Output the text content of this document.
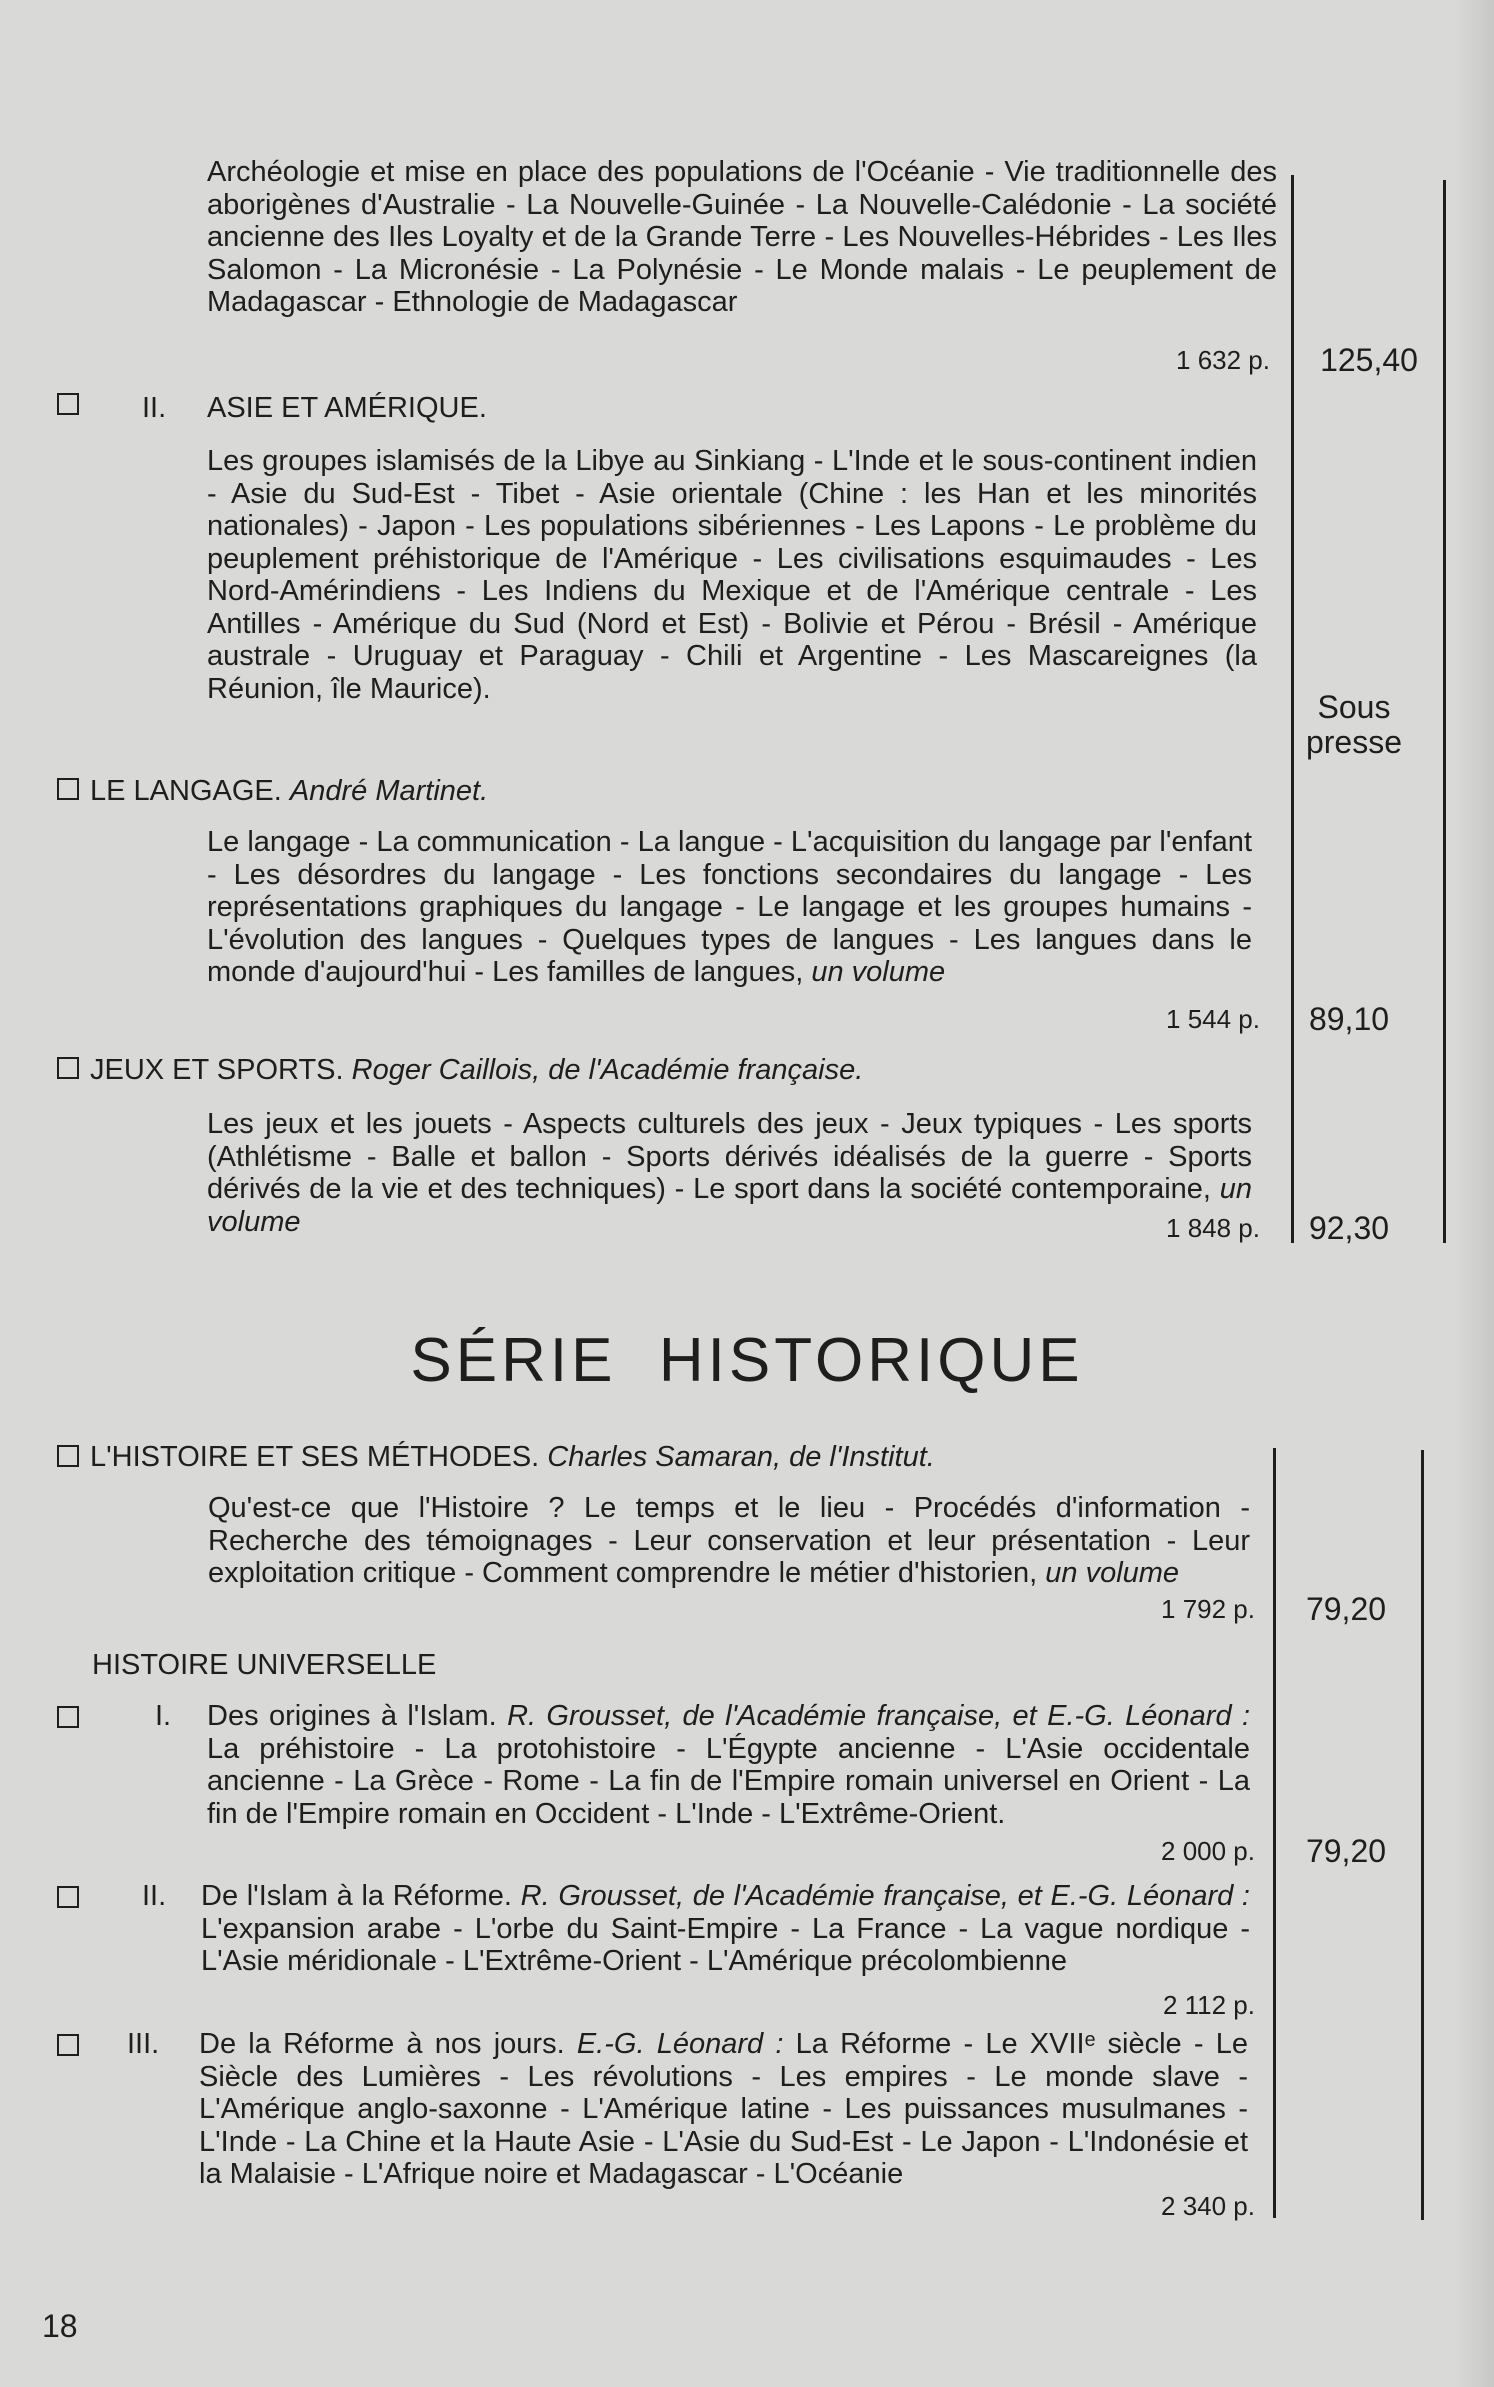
Archéologie et mise en place des populations de l'Océanie - Vie traditionnelle des aborigènes d'Australie - La Nouvelle-Guinée - La Nouvelle-Calédonie - La société ancienne des Iles Loyalty et de la Grande Terre - Les Nouvelles-Hébrides - Les Iles Salomon - La Micronésie - La Polynésie - Le Monde malais - Le peuplement de Madagascar - Ethnologie de Madagascar
1 632 p.	125,40
II. ASIE ET AMÉRIQUE.
Les groupes islamisés de la Libye au Sinkiang - L'Inde et le sous-continent indien - Asie du Sud-Est - Tibet - Asie orientale (Chine : les Han et les minorités nationales) - Japon - Les populations sibériennes - Les Lapons - Le problème du peuplement préhistorique de l'Amérique - Les civilisations esquimaudes - Les Nord-Amérindiens - Les Indiens du Mexique et de l'Amérique centrale - Les Antilles - Amérique du Sud (Nord et Est) - Bolivie et Pérou - Brésil - Amérique australe - Uruguay et Paraguay - Chili et Argentine - Les Mascareignes (la Réunion, île Maurice).
Sous
presse
LE LANGAGE. André Martinet.
Le langage - La communication - La langue - L'acquisition du langage par l'enfant - Les désordres du langage - Les fonctions secondaires du langage - Les représentations graphiques du langage - Le langage et les groupes humains - L'évolution des langues - Quelques types de langues - Les langues dans le monde d'aujourd'hui - Les familles de langues, un volume
1 544 p.	89,10
JEUX ET SPORTS. Roger Caillois, de l'Académie française.
Les jeux et les jouets - Aspects culturels des jeux - Jeux typiques - Les sports (Athlétisme - Balle et ballon - Sports dérivés idéalisés de la guerre - Sports dérivés de la vie et des techniques) - Le sport dans la société contemporaine, un volume	1 848 p.	92,30
SÉRIE  HISTORIQUE
L'HISTOIRE ET SES MÉTHODES. Charles Samaran, de l'Institut.
Qu'est-ce que l'Histoire ? Le temps et le lieu - Procédés d'information - Recherche des témoignages - Leur conservation et leur présentation - Leur exploitation critique - Comment comprendre le métier d'historien, un volume
1 792 p.	79,20
HISTOIRE UNIVERSELLE
I. Des origines à l'Islam. R. Grousset, de l'Académie française, et E.-G. Léonard : La préhistoire - La protohistoire - L'Égypte ancienne - L'Asie occidentale ancienne - La Grèce - Rome - La fin de l'Empire romain universel en Orient - La fin de l'Empire romain en Occident - L'Inde - L'Extrême-Orient.
2 000 p.	79,20
II. De l'Islam à la Réforme. R. Grousset, de l'Académie française, et E.-G. Léonard : L'expansion arabe - L'orbe du Saint-Empire - La France - La vague nordique - L'Asie méridionale - L'Extrême-Orient - L'Amérique précolombienne
2 112 p.
III. De la Réforme à nos jours. E.-G. Léonard : La Réforme - Le XVIIᵉ siècle - Le Siècle des Lumières - Les révolutions - Les empires - Le monde slave - L'Amérique anglo-saxonne - L'Amérique latine - Les puissances musulmanes - L'Inde - La Chine et la Haute Asie - L'Asie du Sud-Est - Le Japon - L'Indonésie et la Malaisie - L'Afrique noire et Madagascar - L'Océanie
2 340 p.
18
